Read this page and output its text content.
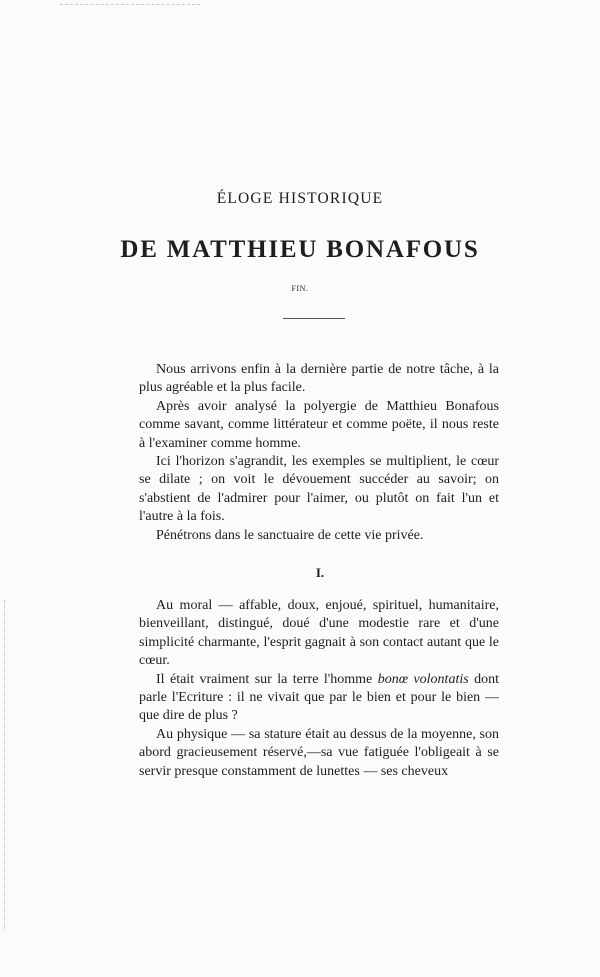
ÉLOGE HISTORIQUE
DE MATTHIEU BONAFOUS
FIN.

Nous arrivons enfin à la dernière partie de notre tâche, à la plus agréable et la plus facile.

Après avoir analysé la polyergie de Matthieu Bonafous comme savant, comme littérateur et comme poëte, il nous reste à l'examiner comme homme.

Ici l'horizon s'agrandit, les exemples se multiplient, le cœur se dilate ; on voit le dévouement succéder au savoir; on s'abstient de l'admirer pour l'aimer, ou plutôt on fait l'un et l'autre à la fois.

Pénétrons dans le sanctuaire de cette vie privée.

I.

Au moral — affable, doux, enjoué, spirituel, humanitaire, bienveillant, distingué, doué d'une modestie rare et d'une simplicité charmante, l'esprit gagnait à son contact autant que le cœur.

Il était vraiment sur la terre l'homme bonœ volontatis dont parle l'Ecriture : il ne vivait que par le bien et pour le bien — que dire de plus ?

Au physique — sa stature était au dessus de la moyenne, son abord gracieusement réservé,—sa vue fatiguée l'obligeait à se servir presque constamment de lunettes — ses cheveux
